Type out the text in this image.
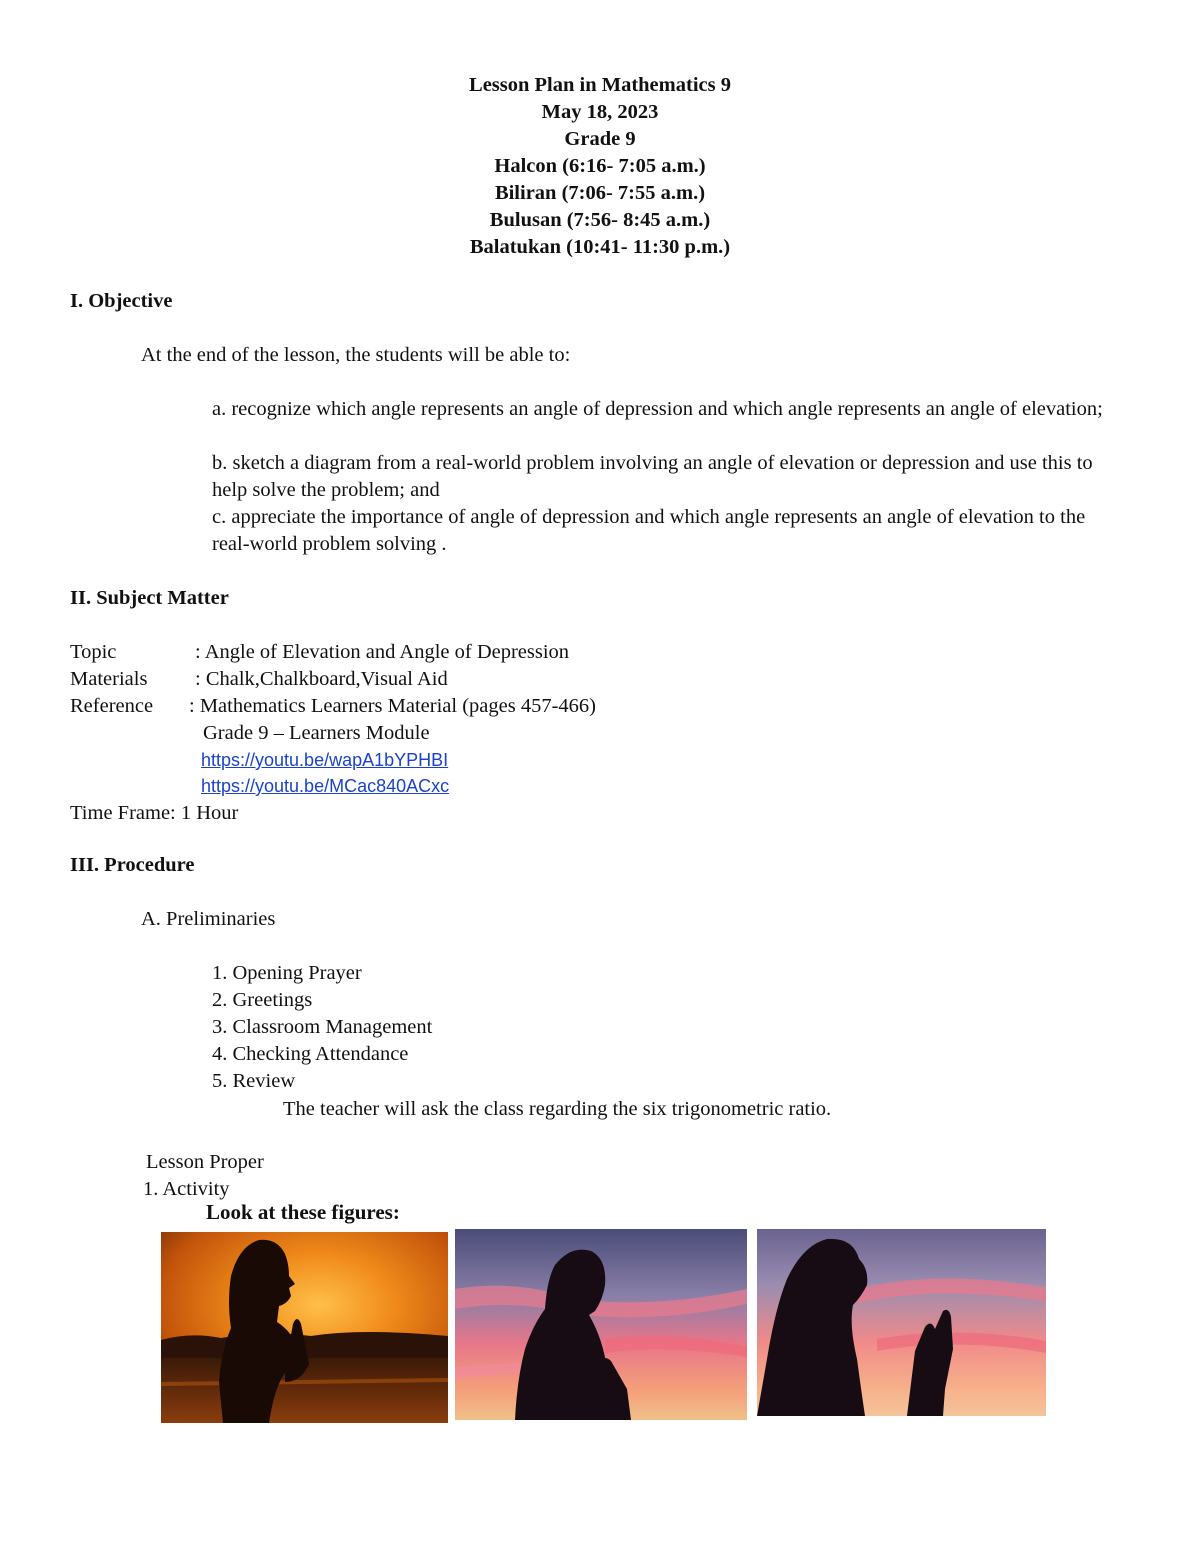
Lesson Plan in Mathematics 9
May 18, 2023
Grade 9
Halcon (6:16- 7:05 a.m.)
Biliran (7:06- 7:55 a.m.)
Bulusan (7:56- 8:45 a.m.)
Balatukan (10:41- 11:30 p.m.)
I. Objective
At the end of the lesson, the students will be able to:
a. recognize which angle represents an angle of depression and which angle represents an angle of elevation;
b. sketch a diagram from a real-world problem involving an angle of elevation or depression and use this to help solve the problem; and
c. appreciate the importance of angle of depression and which angle represents an angle of elevation to the real-world problem solving .
II. Subject Matter
Topic	: Angle of Elevation and Angle of Depression
Materials : Chalk,Chalkboard,Visual Aid
Reference : Mathematics Learners Material (pages 457-466)
Grade 9 – Learners Module
https://youtu.be/wapA1bYPHBI
https://youtu.be/MCac840ACxc
Time Frame: 1 Hour
III. Procedure
A. Preliminaries
1. Opening Prayer
2. Greetings
3. Classroom Management
4. Checking Attendance
5. Review
The teacher will ask the class regarding the six trigonometric ratio.
Lesson Proper
1. Activity
Look at these figures:
